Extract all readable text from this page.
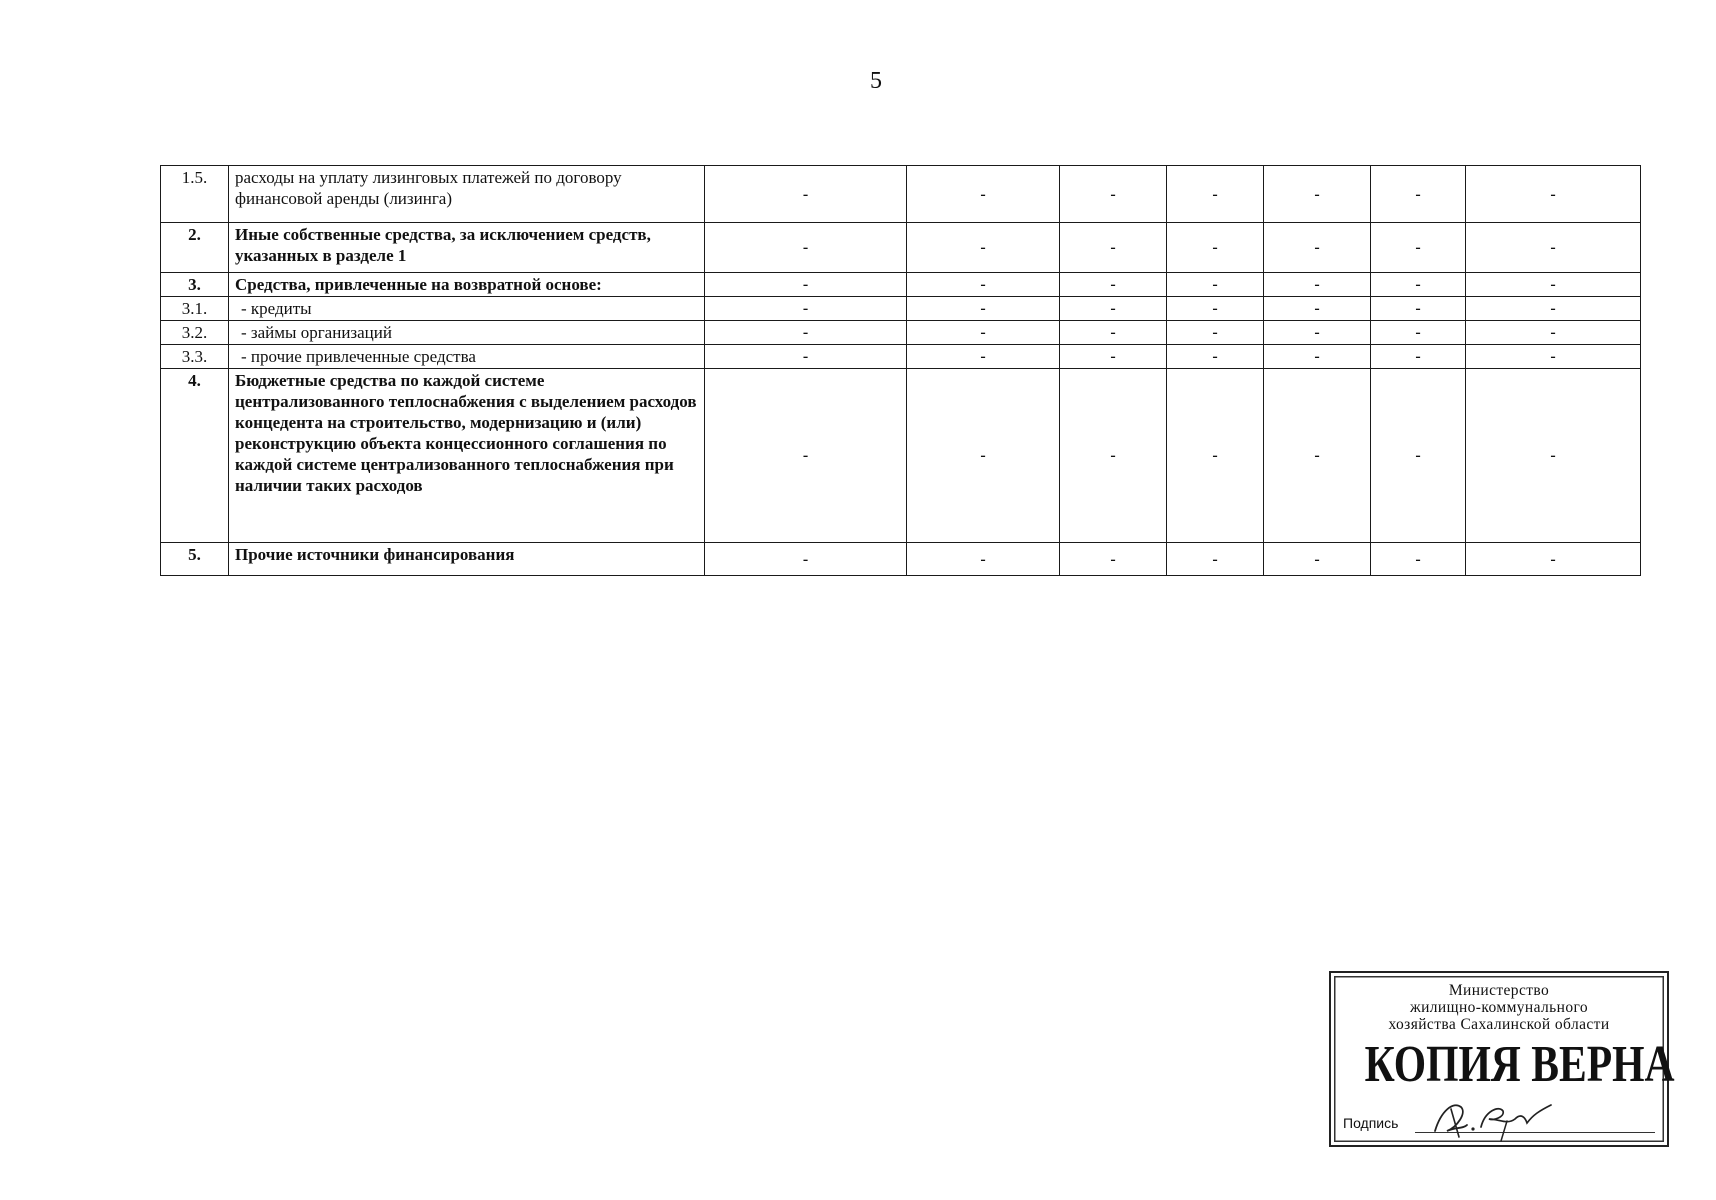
5
1.5.	расходы на уплату лизинговых платежей по договору финансовой аренды (лизинга)	-	-	-	-	-	-	-
2.	Иные собственные средства, за исключением средств, указанных в разделе 1	-	-	-	-	-	-	-
3.	Средства, привлеченные на возвратной основе:	-	-	-	-	-	-	-
3.1.	- кредиты	-	-	-	-	-	-	-
3.2.	- займы организаций	-	-	-	-	-	-	-
3.3.	- прочие привлеченные средства	-	-	-	-	-	-	-
4.	Бюджетные средства по каждой системе централизованного теплоснабжения с выделением расходов концедента на строительство, модернизацию и (или) реконструкцию объекта концессионного соглашения по каждой системе централизованного теплоснабжения при наличии таких расходов	-	-	-	-	-	-	-
5.	Прочие источники финансирования	-	-	-	-	-	-	-
Министерство
жилищно-коммунального
хозяйства Сахалинской области
КОПИЯ ВЕРНА
Подпись
